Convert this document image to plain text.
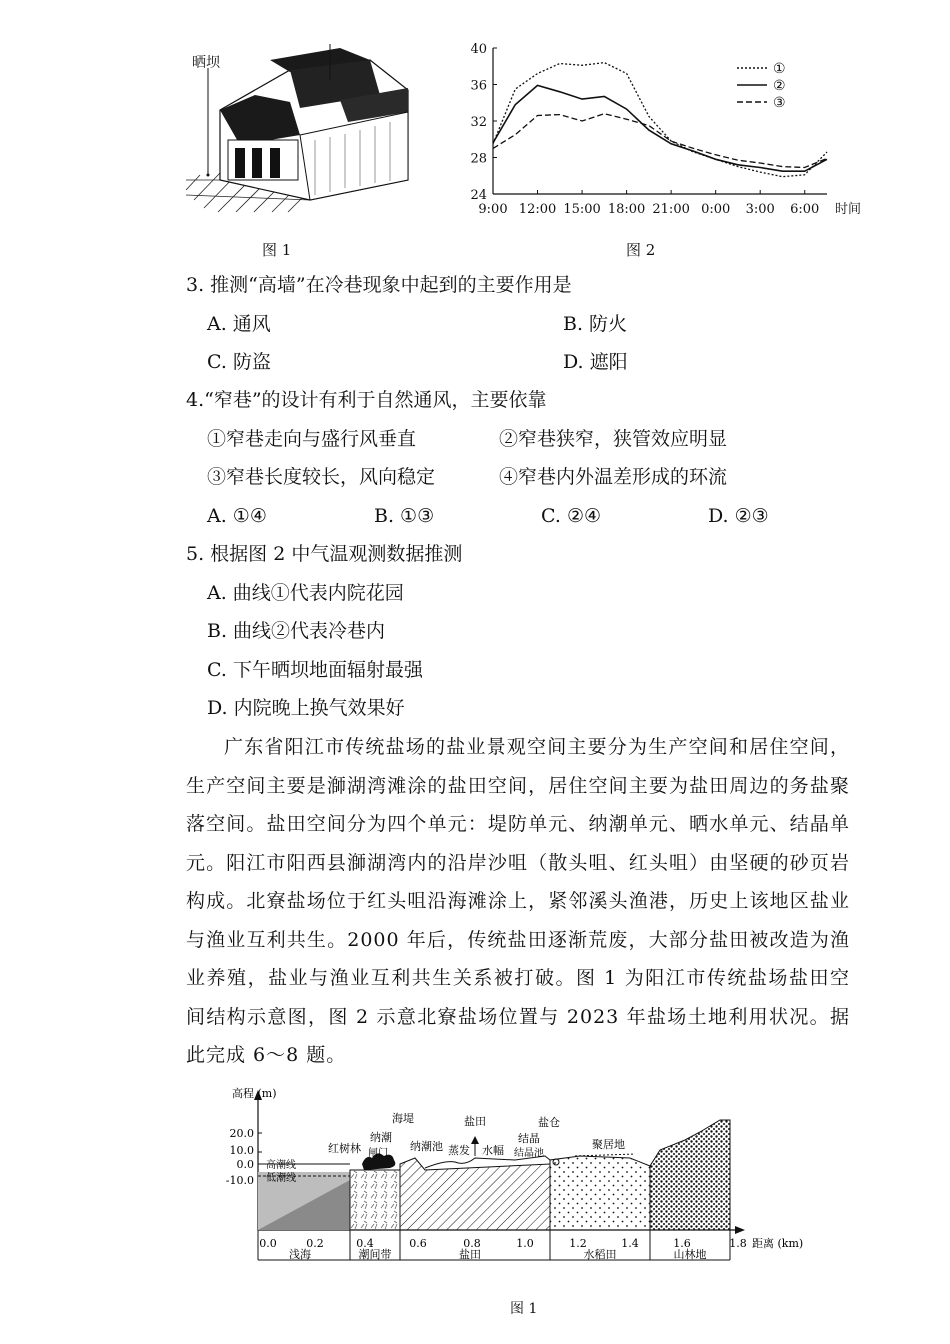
晒坝
图 1
40
36
32
28
24
9:00 12:00 15:00 18:00 21:00 0:00 3:00 6:00 时间
①
②
③
图 2
3. 推测“高墙”在冷巷现象中起到的主要作用是
A. 通风	B. 防火
C. 防盗	D. 遮阳
4.“窄巷”的设计有利于自然通风，主要依靠
①窄巷走向与盛行风垂直	②窄巷狭窄，狭管效应明显
③窄巷长度较长，风向稳定	④窄巷内外温差形成的环流
A. ①④	B. ①③	C. ②④	D. ②③
5. 根据图 2 中气温观测数据推测
A. 曲线①代表内院花园
B. 曲线②代表冷巷内
C. 下午晒坝地面辐射最强
D. 内院晚上换气效果好
广东省阳江市传统盐场的盐业景观空间主要分为生产空间和居住空间，生产空间主要是溮湖湾滩涂的盐田空间，居住空间主要为盐田周边的务盐聚落空间。盐田空间分为四个单元：堤防单元、纳潮单元、晒水单元、结晶单元。阳江市阳西县溮湖湾内的沿岸沙咀（散头咀、红头咀）由坚硬的砂页岩构成。北寮盐场位于红头咀沿海滩涂上，紧邻溪头渔港，历史上该地区盐业与渔业互利共生。2000 年后，传统盐田逐渐荒废，大部分盐田被改造为渔业养殖，盐业与渔业互利共生关系被打破。图 1 为阳江市传统盐场盐田空间结构示意图，图 2 示意北寮盐场位置与 2023 年盐场土地利用状况。据此完成 6～8 题。
20.0
10.0
0.0
-10.0
高程 (m)
0.0	0.2	0.4	0.6	0.8	1.0	1.2	1.4	1.6	1.8 距离 (km)
浅海	潮间带	盐田	水稻田	山林地
高潮线
低潮线
红树林
海堤
纳潮
闸门
纳潮池
盐田
蒸发 水幅
结晶
结晶池
盐仓
聚居地
图 1
